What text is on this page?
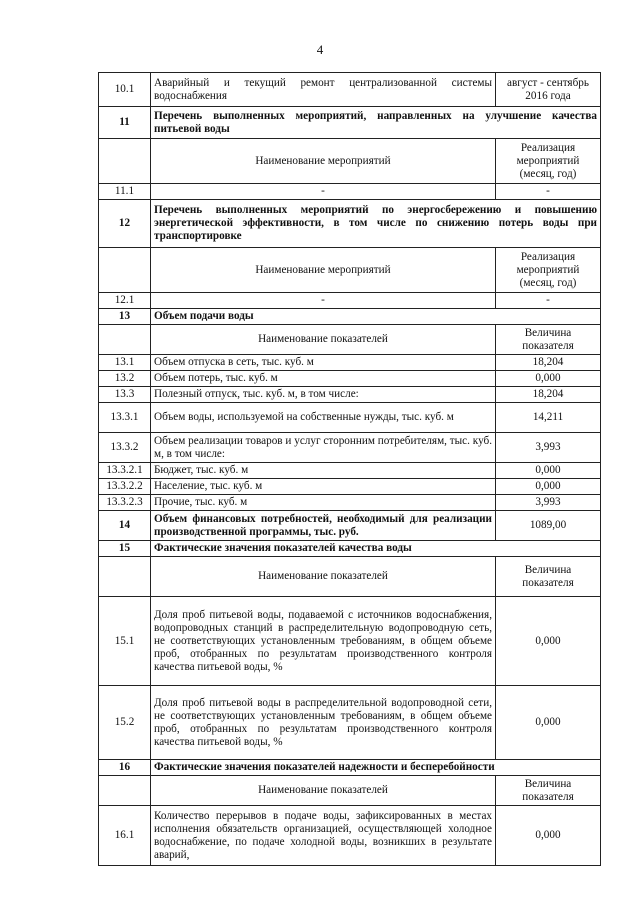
4
10.1	Аварийный и текущий ремонт централизованной системы водоснабжения	август - сентябрь 2016 года
11	Перечень выполненных мероприятий, направленных на улучшение качества питьевой воды	
	Наименование мероприятий	Реализация мероприятий (месяц, год)
11.1	-	-
12	Перечень выполненных мероприятий по энергосбережению и повышению энергетической эффективности, в том числе по снижению потерь воды при транспортировке	
	Наименование мероприятий	Реализация мероприятий (месяц, год)
12.1	-	-
13	Объем подачи воды	
	Наименование показателей	Величина показателя
13.1	Объем отпуска в сеть, тыс. куб. м	18,204
13.2	Объем потерь, тыс. куб. м	0,000
13.3	Полезный отпуск, тыс. куб. м, в том числе:	18,204
13.3.1	Объем воды, используемой на собственные нужды, тыс. куб. м	14,211
13.3.2	Объем реализации товаров и услуг сторонним потребителям, тыс. куб. м, в том числе:	3,993
13.3.2.1	Бюджет, тыс. куб. м	0,000
13.3.2.2	Население, тыс. куб. м	0,000
13.3.2.3	Прочие, тыс. куб. м	3,993
14	Объем финансовых потребностей, необходимый для реализации производственной программы, тыс. руб.	1089,00
15	Фактические значения показателей качества воды	
	Наименование показателей	Величина показателя
15.1	Доля проб питьевой воды, подаваемой с источников водоснабжения, водопроводных станций в распределительную водопроводную сеть, не соответствующих установленным требованиям, в общем объеме проб, отобранных по результатам производственного контроля качества питьевой воды, %	0,000
15.2	Доля проб питьевой воды в распределительной водопроводной сети, не соответствующих установленным требованиям, в общем объеме проб, отобранных по результатам производственного контроля качества питьевой воды, %	0,000
16	Фактические значения показателей надежности и бесперебойности	
	Наименование показателей	Величина показателя
16.1	Количество перерывов в подаче воды, зафиксированных в местах исполнения обязательств организацией, осуществляющей холодное водоснабжение, по подаче холодной воды, возникших в результате аварий,	0,000
